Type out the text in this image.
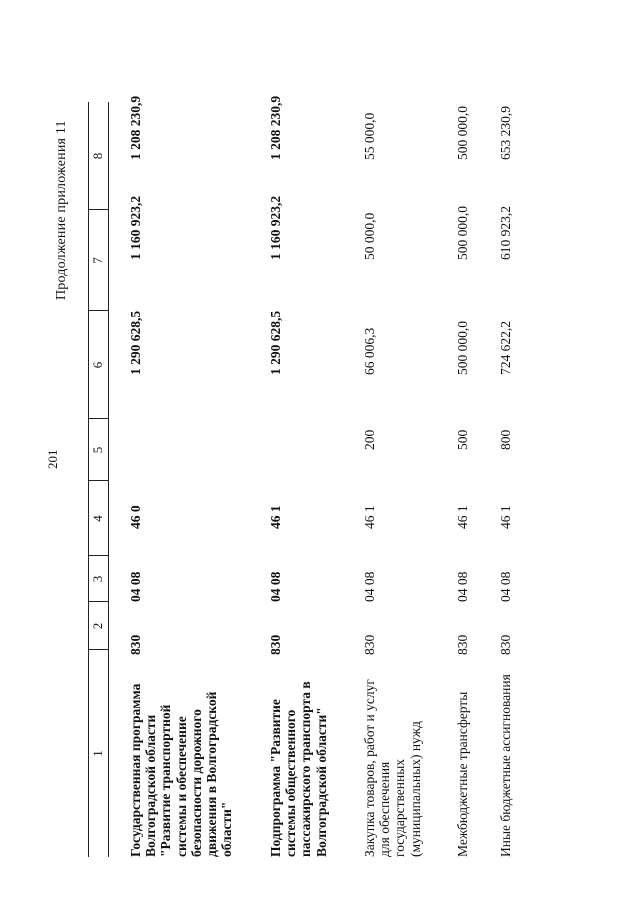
201
Продолжение приложения 11
1
2
3
4
5
6
7
8
Государственная программа Волгоградской области "Развитие транспортной системы и обеспечение безопасности дорожного движения в Волгоградской области"
830
04 08
46 0
1 290 628,5
1 160 923,2
1 208 230,9
Подпрограмма "Развитие системы общественного пассажирского транспорта в Волгоградской области"
830
04 08
46 1
1 290 628,5
1 160 923,2
1 208 230,9
Закупка товаров, работ и услуг для обеспечения государственных (муниципальных) нужд
830
04 08
46 1
200
66 006,3
50 000,0
55 000,0
Межбюджетные трансферты
830
04 08
46 1
500
500 000,0
500 000,0
500 000,0
Иные бюджетные ассигнования
830
04 08
46 1
800
724 622,2
610 923,2
653 230,9
